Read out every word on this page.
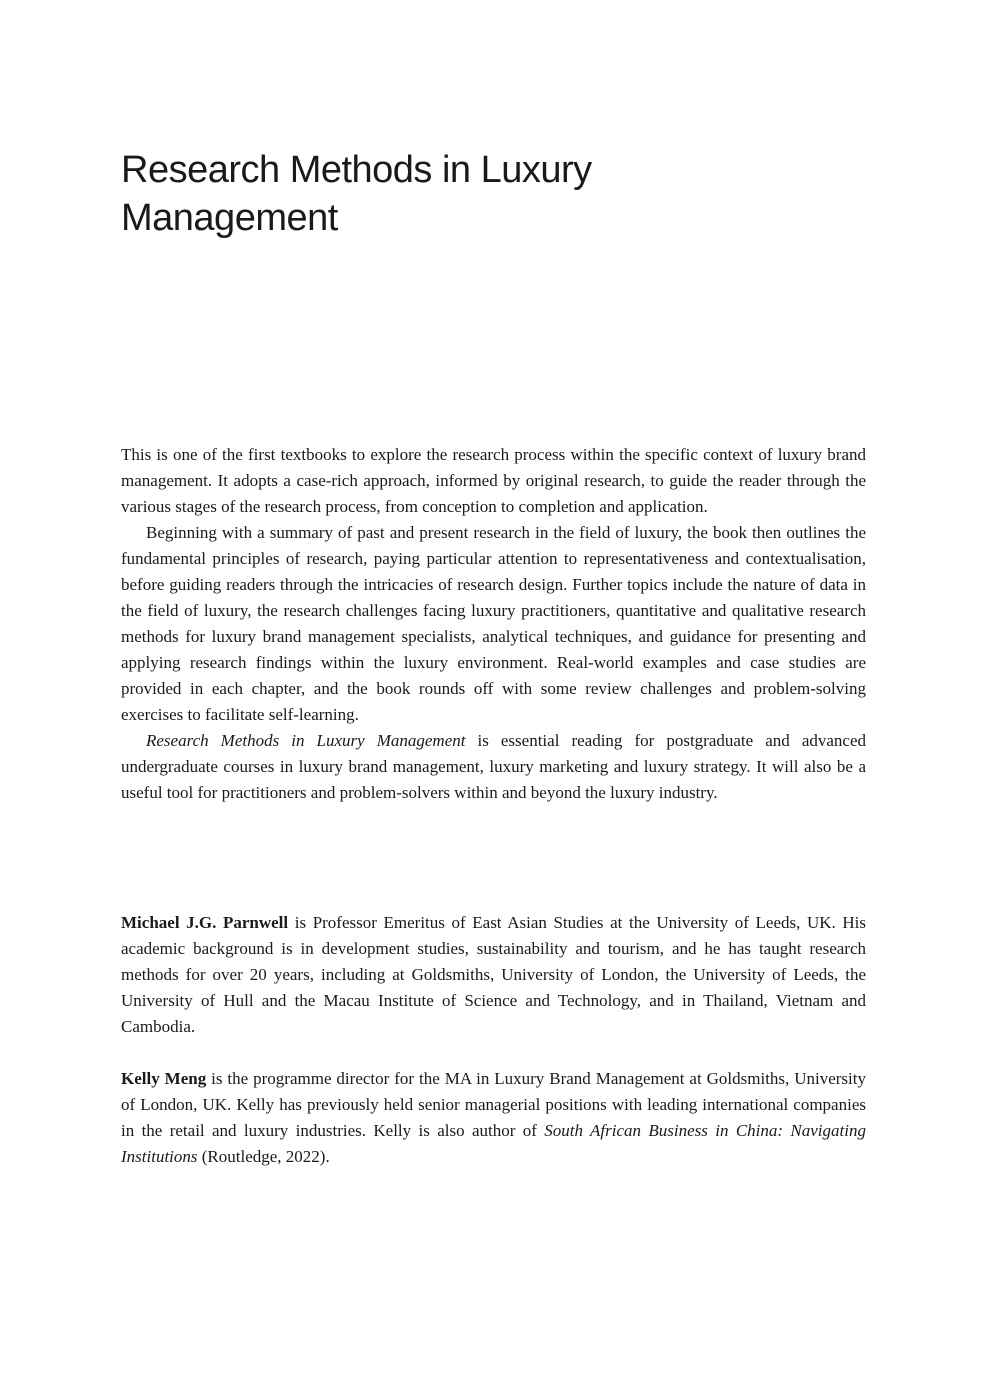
Research Methods in Luxury
Management

This is one of the first textbooks to explore the research process within the specific context of luxury brand management. It adopts a case-rich approach, informed by original research, to guide the reader through the various stages of the research process, from conception to completion and application.

Beginning with a summary of past and present research in the field of luxury, the book then outlines the fundamental principles of research, paying particular attention to representativeness and contextualisation, before guiding readers through the intricacies of research design. Further topics include the nature of data in the field of luxury, the research challenges facing luxury practitioners, quantitative and qualitative research methods for luxury brand management specialists, analytical techniques, and guidance for presenting and applying research findings within the luxury environment. Real-world examples and case studies are provided in each chapter, and the book rounds off with some review challenges and problem-solving exercises to facilitate self-learning.

Research Methods in Luxury Management is essential reading for postgraduate and advanced undergraduate courses in luxury brand management, luxury marketing and luxury strategy. It will also be a useful tool for practitioners and problem-solvers within and beyond the luxury industry.

Michael J.G. Parnwell is Professor Emeritus of East Asian Studies at the University of Leeds, UK. His academic background is in development studies, sustainability and tourism, and he has taught research methods for over 20 years, including at Goldsmiths, University of London, the University of Leeds, the University of Hull and the Macau Institute of Science and Technology, and in Thailand, Vietnam and Cambodia.

Kelly Meng is the programme director for the MA in Luxury Brand Management at Goldsmiths, University of London, UK. Kelly has previously held senior managerial positions with leading international companies in the retail and luxury industries. Kelly is also author of South African Business in China: Navigating Institutions (Routledge, 2022).
